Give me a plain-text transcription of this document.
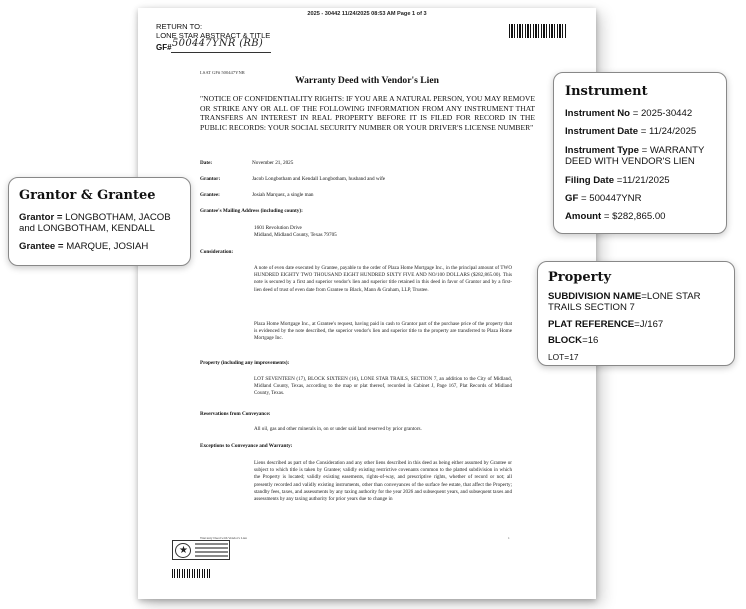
2025 - 30442 11/24/2025 08:53 AM Page 1 of 3
RETURN TO:
LONE STAR ABSTRACT & TITLE
GF# 500447YNR (RB)
LSAT GF# 500447YNR
Warranty Deed with Vendor's Lien
"NOTICE OF CONFIDENTIALITY RIGHTS: IF YOU ARE A NATURAL PERSON, YOU MAY REMOVE OR STRIKE ANY OR ALL OF THE FOLLOWING INFORMATION FROM ANY INSTRUMENT THAT TRANSFERS AN INTEREST IN REAL PROPERTY BEFORE IT IS FILED FOR RECORD IN THE PUBLIC RECORDS: YOUR SOCIAL SECURITY NUMBER OR YOUR DRIVER'S LICENSE NUMBER"
Date:	November 21, 2025
Grantor:	Jacob Longbotham and Kendall Longbotham, husband and wife
Grantee:	Josiah Marquez, a single man
Grantee's Mailing Address (including county):
1601 Revolution Drive
Midland, Midland County, Texas 79705
Consideration:
A note of even date executed by Grantee, payable to the order of Plaza Home Mortgage Inc., in the principal amount of TWO HUNDRED EIGHTY TWO THOUSAND EIGHT HUNDRED SIXTY FIVE AND NO/100 DOLLARS ($282,865.00). This note is secured by a first and superior vendor's lien and superior title retained in this deed in favor of Grantor and by a first-lien deed of trust of even date from Grantee to Black, Mann & Graham, LLP, Trustee.
Plaza Home Mortgage Inc., at Grantee's request, having paid in cash to Grantor part of the purchase price of the property that is evidenced by the note described, the superior vendor's lien and superior title to the property are transferred to Plaza Home Mortgage Inc.
Property (including any improvements):
LOT SEVENTEEN (17), BLOCK SIXTEEN (16), LONE STAR TRAILS, SECTION 7, an addition to the City of Midland, Midland County, Texas, according to the map or plat thereof, recorded in Cabinet J, Page 167, Plat Records of Midland County, Texas.
Reservations from Conveyance:
All oil, gas and other minerals in, on or under said land reserved by prior grantors.
Exceptions to Conveyance and Warranty:
Liens described as part of the Consideration and any other liens described in this deed as being either assumed by Grantee or subject to which title is taken by Grantee; validly existing restrictive covenants common to the platted subdivision in which the Property is located; validly existing easements, rights-of-way, and prescriptive rights, whether of record or not; all presently recorded and validly existing instruments, other than conveyances of the surface fee estate, that affect the Property; standby fees, taxes, and assessments by any taxing authority for the year 2026 and subsequent years, and subsequent taxes and assessments by any taxing authority for prior years due to change in
Warranty Deed with Vendor's Lien	1
★
Grantor & Grantee
Grantor = LONGBOTHAM, JACOB and LONGBOTHAM, KENDALL
Grantee = MARQUE, JOSIAH
Instrument
Instrument No = 2025-30442
Instrument Date = 11/24/2025
Instrument Type = WARRANTY DEED WITH VENDOR'S LIEN
Filing Date =11/21/2025
GF = 500447YNR
Amount = $282,865.00
Property
SUBDIVISION NAME=LONE STAR TRAILS SECTION 7
PLAT REFERENCE=J/167
BLOCK=16
LOT=17
